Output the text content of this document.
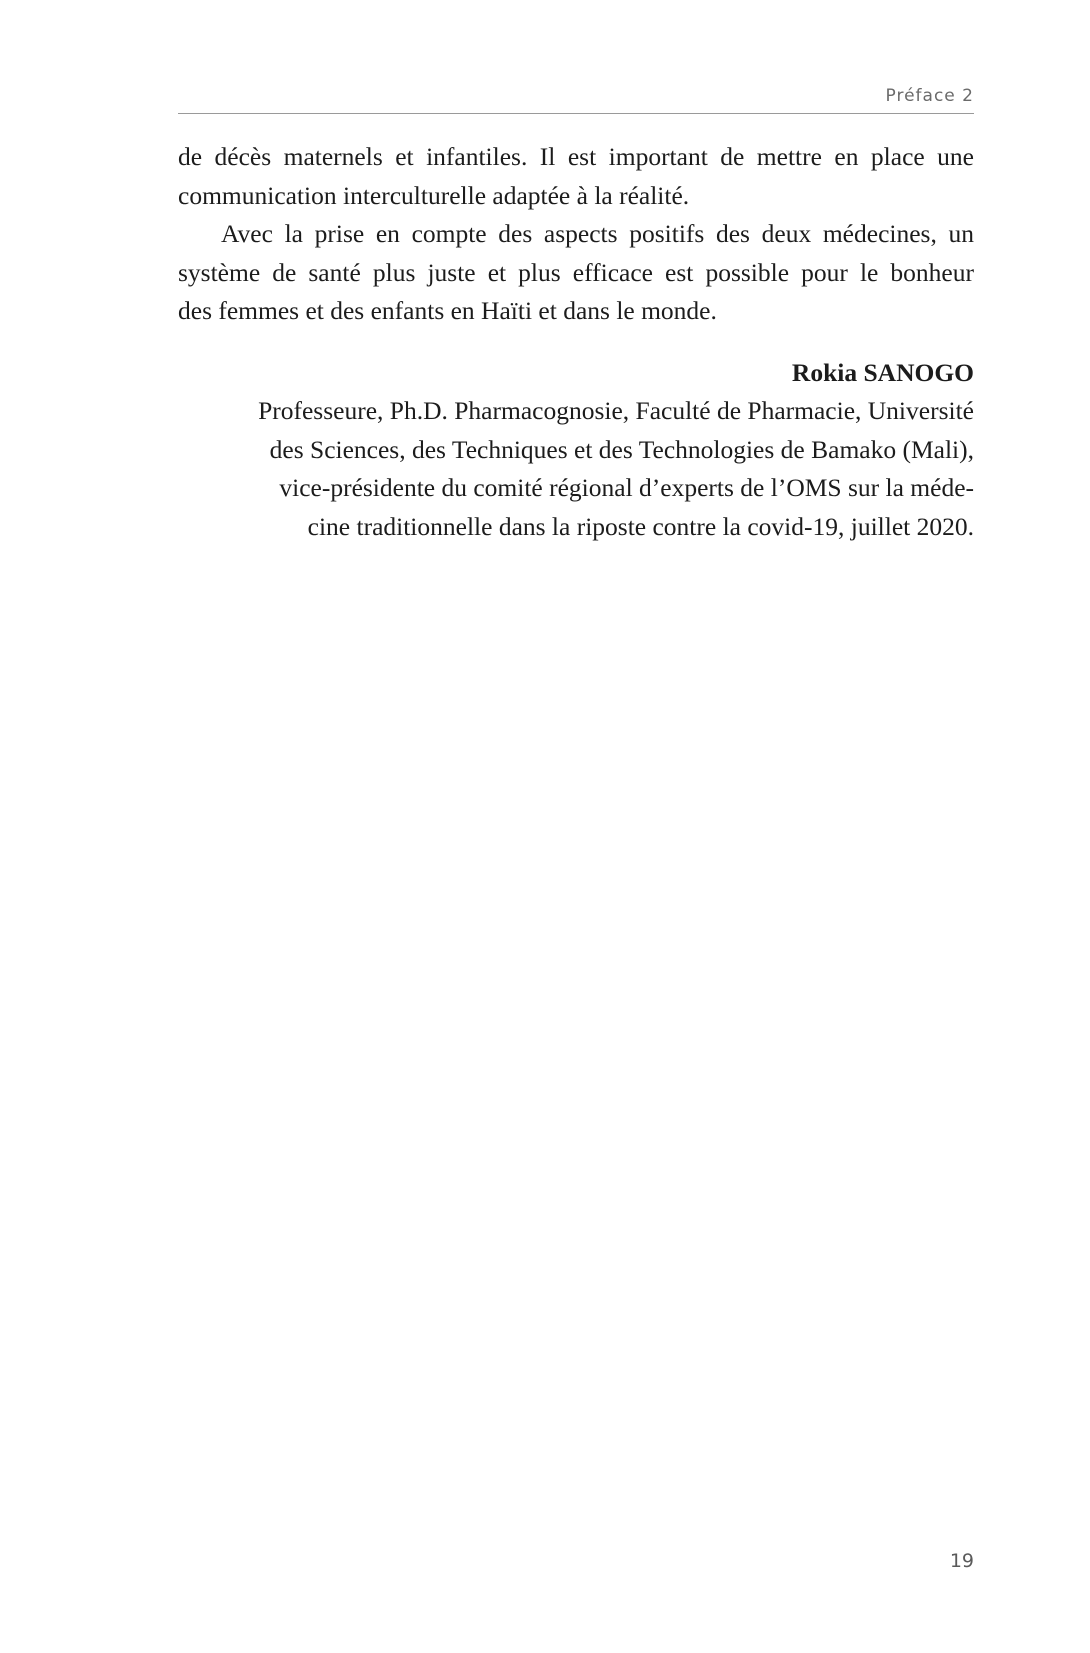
Préface 2
de décès maternels et infantiles. Il est important de mettre en place une
communication interculturelle adaptée à la réalité.
Avec la prise en compte des aspects positifs des deux médecines, un
système de santé plus juste et plus efficace est possible pour le bonheur
des femmes et des enfants en Haïti et dans le monde.
Rokia SANOGO
Professeure, Ph.D. Pharmacognosie, Faculté de Pharmacie, Université
des Sciences, des Techniques et des Technologies de Bamako (Mali),
vice-présidente du comité régional d’experts de l’OMS sur la méde-
cine traditionnelle dans la riposte contre la covid-19, juillet 2020.
19
